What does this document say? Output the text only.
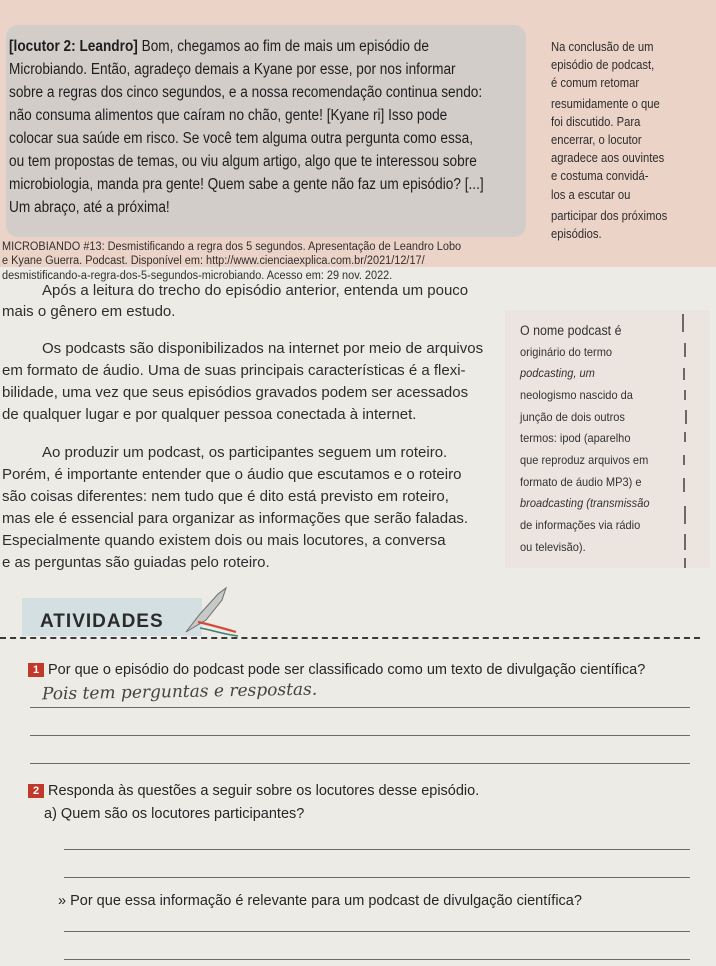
[locutor 2: Leandro] Bom, chegamos ao fim de mais um episódio de
Microbiando. Então, agradeço demais a Kyane por esse, por nos informar
sobre a regras dos cinco segundos, e a nossa recomendação continua sendo:
não consuma alimentos que caíram no chão, gente! [Kyane ri] Isso pode
colocar sua saúde em risco. Se você tem alguma outra pergunta como essa,
ou tem propostas de temas, ou viu algum artigo, algo que te interessou sobre
microbiologia, manda pra gente! Quem sabe a gente não faz um episódio? [...]
Um abraço, até a próxima!
MICROBIANDO #13: Desmistificando a regra dos 5 segundos. Apresentação de Leandro Lobo
e Kyane Guerra. Podcast. Disponível em: http://www.cienciaexplica.com.br/2021/12/17/
desmistificando-a-regra-dos-5-segundos-microbiando. Acesso em: 29 nov. 2022.
Na conclusão de um
episódio de podcast,
é comum retomar
resumidamente o que
foi discutido. Para
encerrar, o locutor
agradece aos ouvintes
e costuma convidá-
los a escutar ou
participar dos próximos
episódios.
Após a leitura do trecho do episódio anterior, entenda um pouco
mais o gênero em estudo.
Os podcasts são disponibilizados na internet por meio de arquivos
em formato de áudio. Uma de suas principais características é a flexi-
bilidade, uma vez que seus episódios gravados podem ser acessados
de qualquer lugar e por qualquer pessoa conectada à internet.
Ao produzir um podcast, os participantes seguem um roteiro.
Porém, é importante entender que o áudio que escutamos e o roteiro
são coisas diferentes: nem tudo que é dito está previsto em roteiro,
mas ele é essencial para organizar as informações que serão faladas.
Especialmente quando existem dois ou mais locutores, a conversa
e as perguntas são guiadas pelo roteiro.
O nome podcast é
originário do termo
podcasting, um
neologismo nascido da
junção de dois outros
termos: ipod (aparelho
que reproduz arquivos em
formato de áudio MP3) e
broadcasting (transmissão
de informações via rádio
ou televisão).
ATIVIDADES
1 Por que o episódio do podcast pode ser classificado como um texto de divulgação científica?
Pois tem perguntas e respostas.
2 Responda às questões a seguir sobre os locutores desse episódio.
a) Quem são os locutores participantes?
» Por que essa informação é relevante para um podcast de divulgação científica?
